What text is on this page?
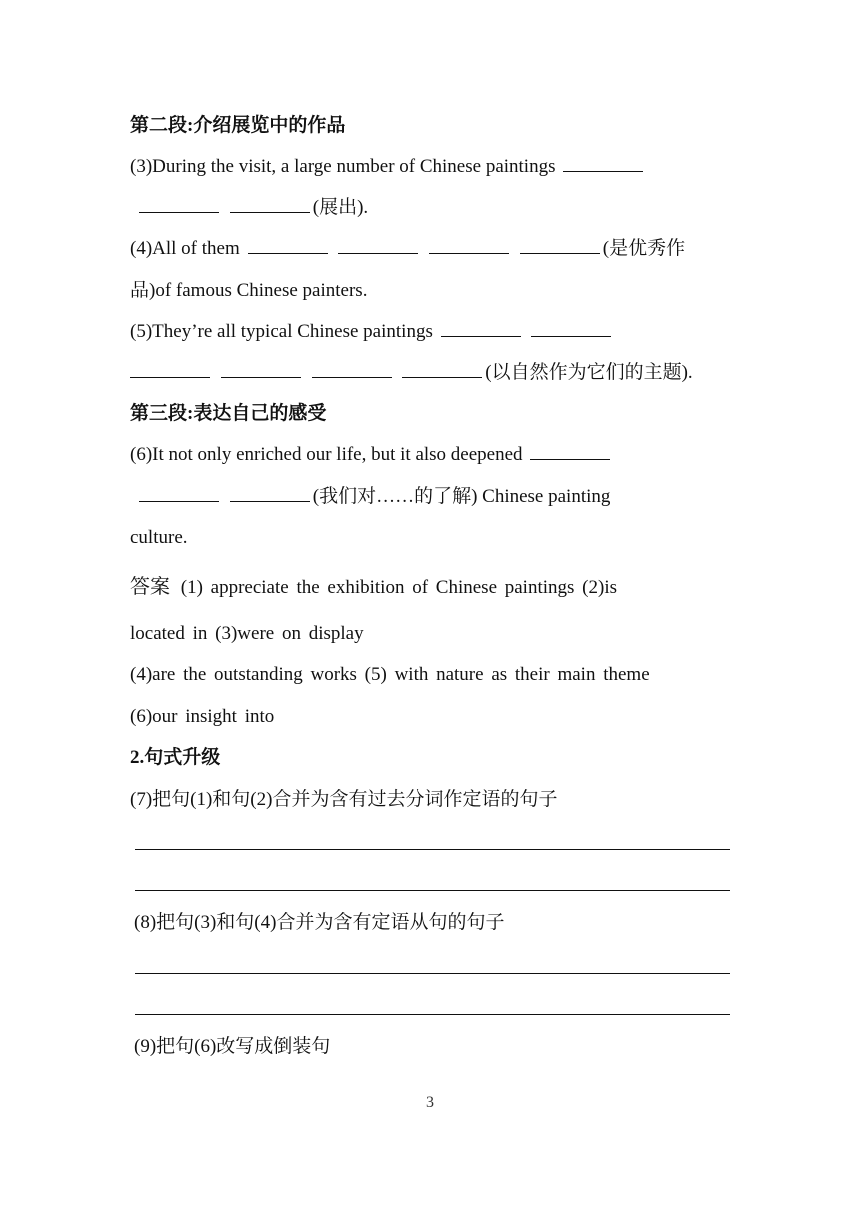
第二段:介绍展览中的作品
(3)During the visit, a large number of Chinese paintings
(展出).
(4)All of them	(是优秀作
品)of famous Chinese painters.
(5)They’re all typical Chinese paintings
(以自然作为它们的主题).
第三段:表达自己的感受
(6)It not only enriched our life, but it also deepened
(我们对……的了解) Chinese painting
culture.
答案 (1) appreciate the exhibition of Chinese paintings (2)is
located in (3)were on display
(4)are the outstanding works (5) with nature as their main theme
(6)our insight into
2.句式升级
(7)把句(1)和句(2)合并为含有过去分词作定语的句子
(8)把句(3)和句(4)合并为含有定语从句的句子
(9)把句(6)改写成倒装句
3
